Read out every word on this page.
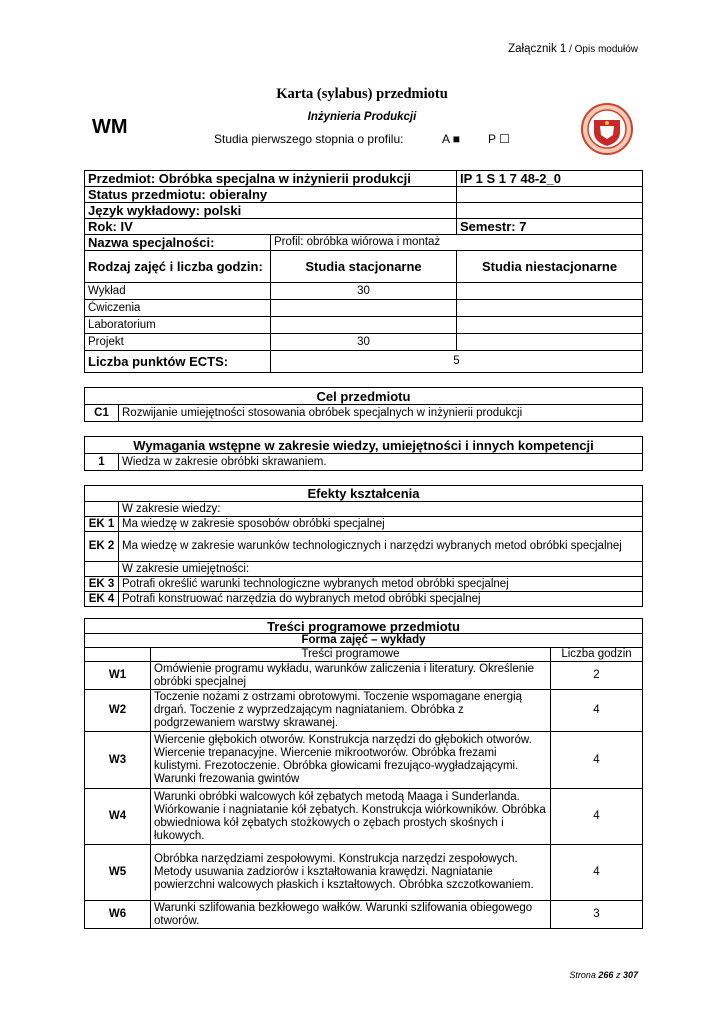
Załącznik 1 / Opis modułów
Karta (sylabus) przedmiotu
WM	Inżynieria Produkcji
Studia pierwszego stopnia o profilu:	A ■ P ☐
Przedmiot: Obróbka specjalna w inżynierii produkcji		IP 1 S 1 7 48-2_0
Status przedmiotu: obieralny		
Język wykładowy: polski		
Rok: IV		Semestr: 7
Nazwa specjalności:	Profil: obróbka wiórowa i montaż	
Rodzaj zajęć i liczba godzin:	Studia stacjonarne	Studia niestacjonarne
Wykład	30	
Ćwiczenia		
Laboratorium		
Projekt	30	
Liczba punktów ECTS:	5	
Cel przedmiotu
C1	Rozwijanie umiejętności stosowania obróbek specjalnych w inżynierii produkcji
Wymagania wstępne w zakresie wiedzy, umiejętności i innych kompetencji
1	Wiedza w zakresie obróbki skrawaniem.
Efekty kształcenia	
	W zakresie wiedzy:
EK 1	Ma wiedzę w zakresie sposobów obróbki specjalnej
EK 2	Ma wiedzę w zakresie warunków technologicznych i narzędzi wybranych metod obróbki specjalnej
	W zakresie umiejętności:
EK 3	Potrafi określić warunki technologiczne wybranych metod obróbki specjalnej
EK 4	Potrafi konstruować narzędzia do wybranych metod obróbki specjalnej
Treści programowe przedmiotu		
Forma zajęć – wykłady		
	Treści programowe	Liczba godzin
W1	Omówienie programu wykładu, warunków zaliczenia i literatury. Określenie obróbki specjalnej	2
W2	Toczenie nożami z ostrzami obrotowymi. Toczenie wspomagane energią drgań. Toczenie z wyprzedzającym nagniataniem. Obróbka z podgrzewaniem warstwy skrawanej.	4
W3	Wiercenie głębokich otworów. Konstrukcja narzędzi do głębokich otworów. Wiercenie trepanacyjne. Wiercenie mikrootworów. Obróbka frezami kulistymi. Frezotoczenie. Obróbka głowicami frezująco-wygładzającymi. Warunki frezowania gwintów	4
W4	Warunki obróbki walcowych kół zębatych metodą Maaga i Sunderlanda. Wiórkowanie i nagniatanie kół zębatych. Konstrukcja wiórkowników. Obróbka obwiedniowa kół zębatych stożkowych o zębach prostych skośnych i łukowych.	4
W5	Obróbka narzędziami zespołowymi. Konstrukcja narzędzi zespołowych. Metody usuwania zadziorów i kształtowania krawędzi. Nagniatanie powierzchni walcowych płaskich i kształtowych. Obróbka szczotkowaniem.	4
W6	Warunki szlifowania bezkłowego wałków. Warunki szlifowania obiegowego otworów.	3
Strona 266 z 307
